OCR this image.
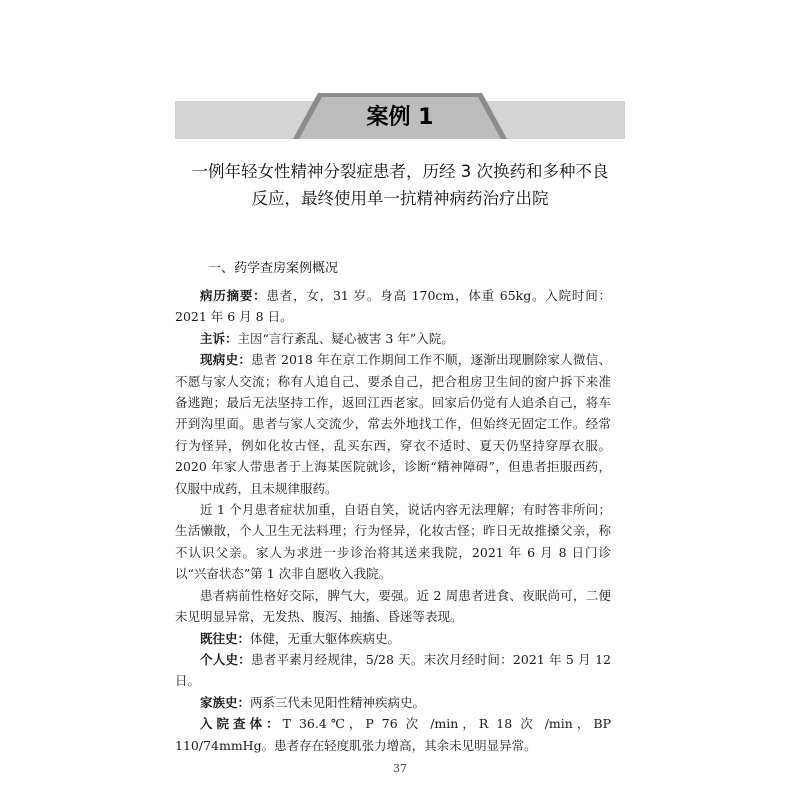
案例 1
一例年轻女性精神分裂症患者，历经 3 次换药和多种不良
反应，最终使用单一抗精神病药治疗出院
一、药学查房案例概况

病历摘要：患者，女，31 岁。身高 170cm，体重 65kg。入院时间：2021 年 6 月 8 日。

主诉：主因“言行紊乱、疑心被害 3 年”入院。

现病史：患者 2018 年在京工作期间工作不顺，逐渐出现删除家人微信、不愿与家人交流；称有人追自己、要杀自己，把合租房卫生间的窗户拆下来准备逃跑；最后无法坚持工作，返回江西老家。回家后仍觉有人追杀自己，将车开到沟里面。患者与家人交流少，常去外地找工作，但始终无固定工作。经常行为怪异，例如化妆古怪，乱买东西，穿衣不适时、夏天仍坚持穿厚衣服。2020 年家人带患者于上海某医院就诊，诊断“精神障碍”，但患者拒服西药，仅服中成药，且未规律服药。

近 1 个月患者症状加重，自语自笑，说话内容无法理解；有时答非所问；生活懒散，个人卫生无法料理；行为怪异，化妆古怪；昨日无故推搡父亲，称不认识父亲。家人为求进一步诊治将其送来我院，2021 年 6 月 8 日门诊以“兴奋状态”第 1 次非自愿收入我院。

患者病前性格好交际，脾气大，要强。近 2 周患者进食、夜眠尚可，二便未见明显异常，无发热、腹泻、抽搐、昏迷等表现。

既往史：体健，无重大躯体疾病史。

个人史：患者平素月经规律，5/28 天。末次月经时间：2021 年 5 月 12 日。

家族史：两系三代未见阳性精神疾病史。

入院查体：T 36.4℃，P 76 次 /min，R 18 次 /min，BP 110/74mmHg。患者存在轻度肌张力增高，其余未见明显异常。

37
